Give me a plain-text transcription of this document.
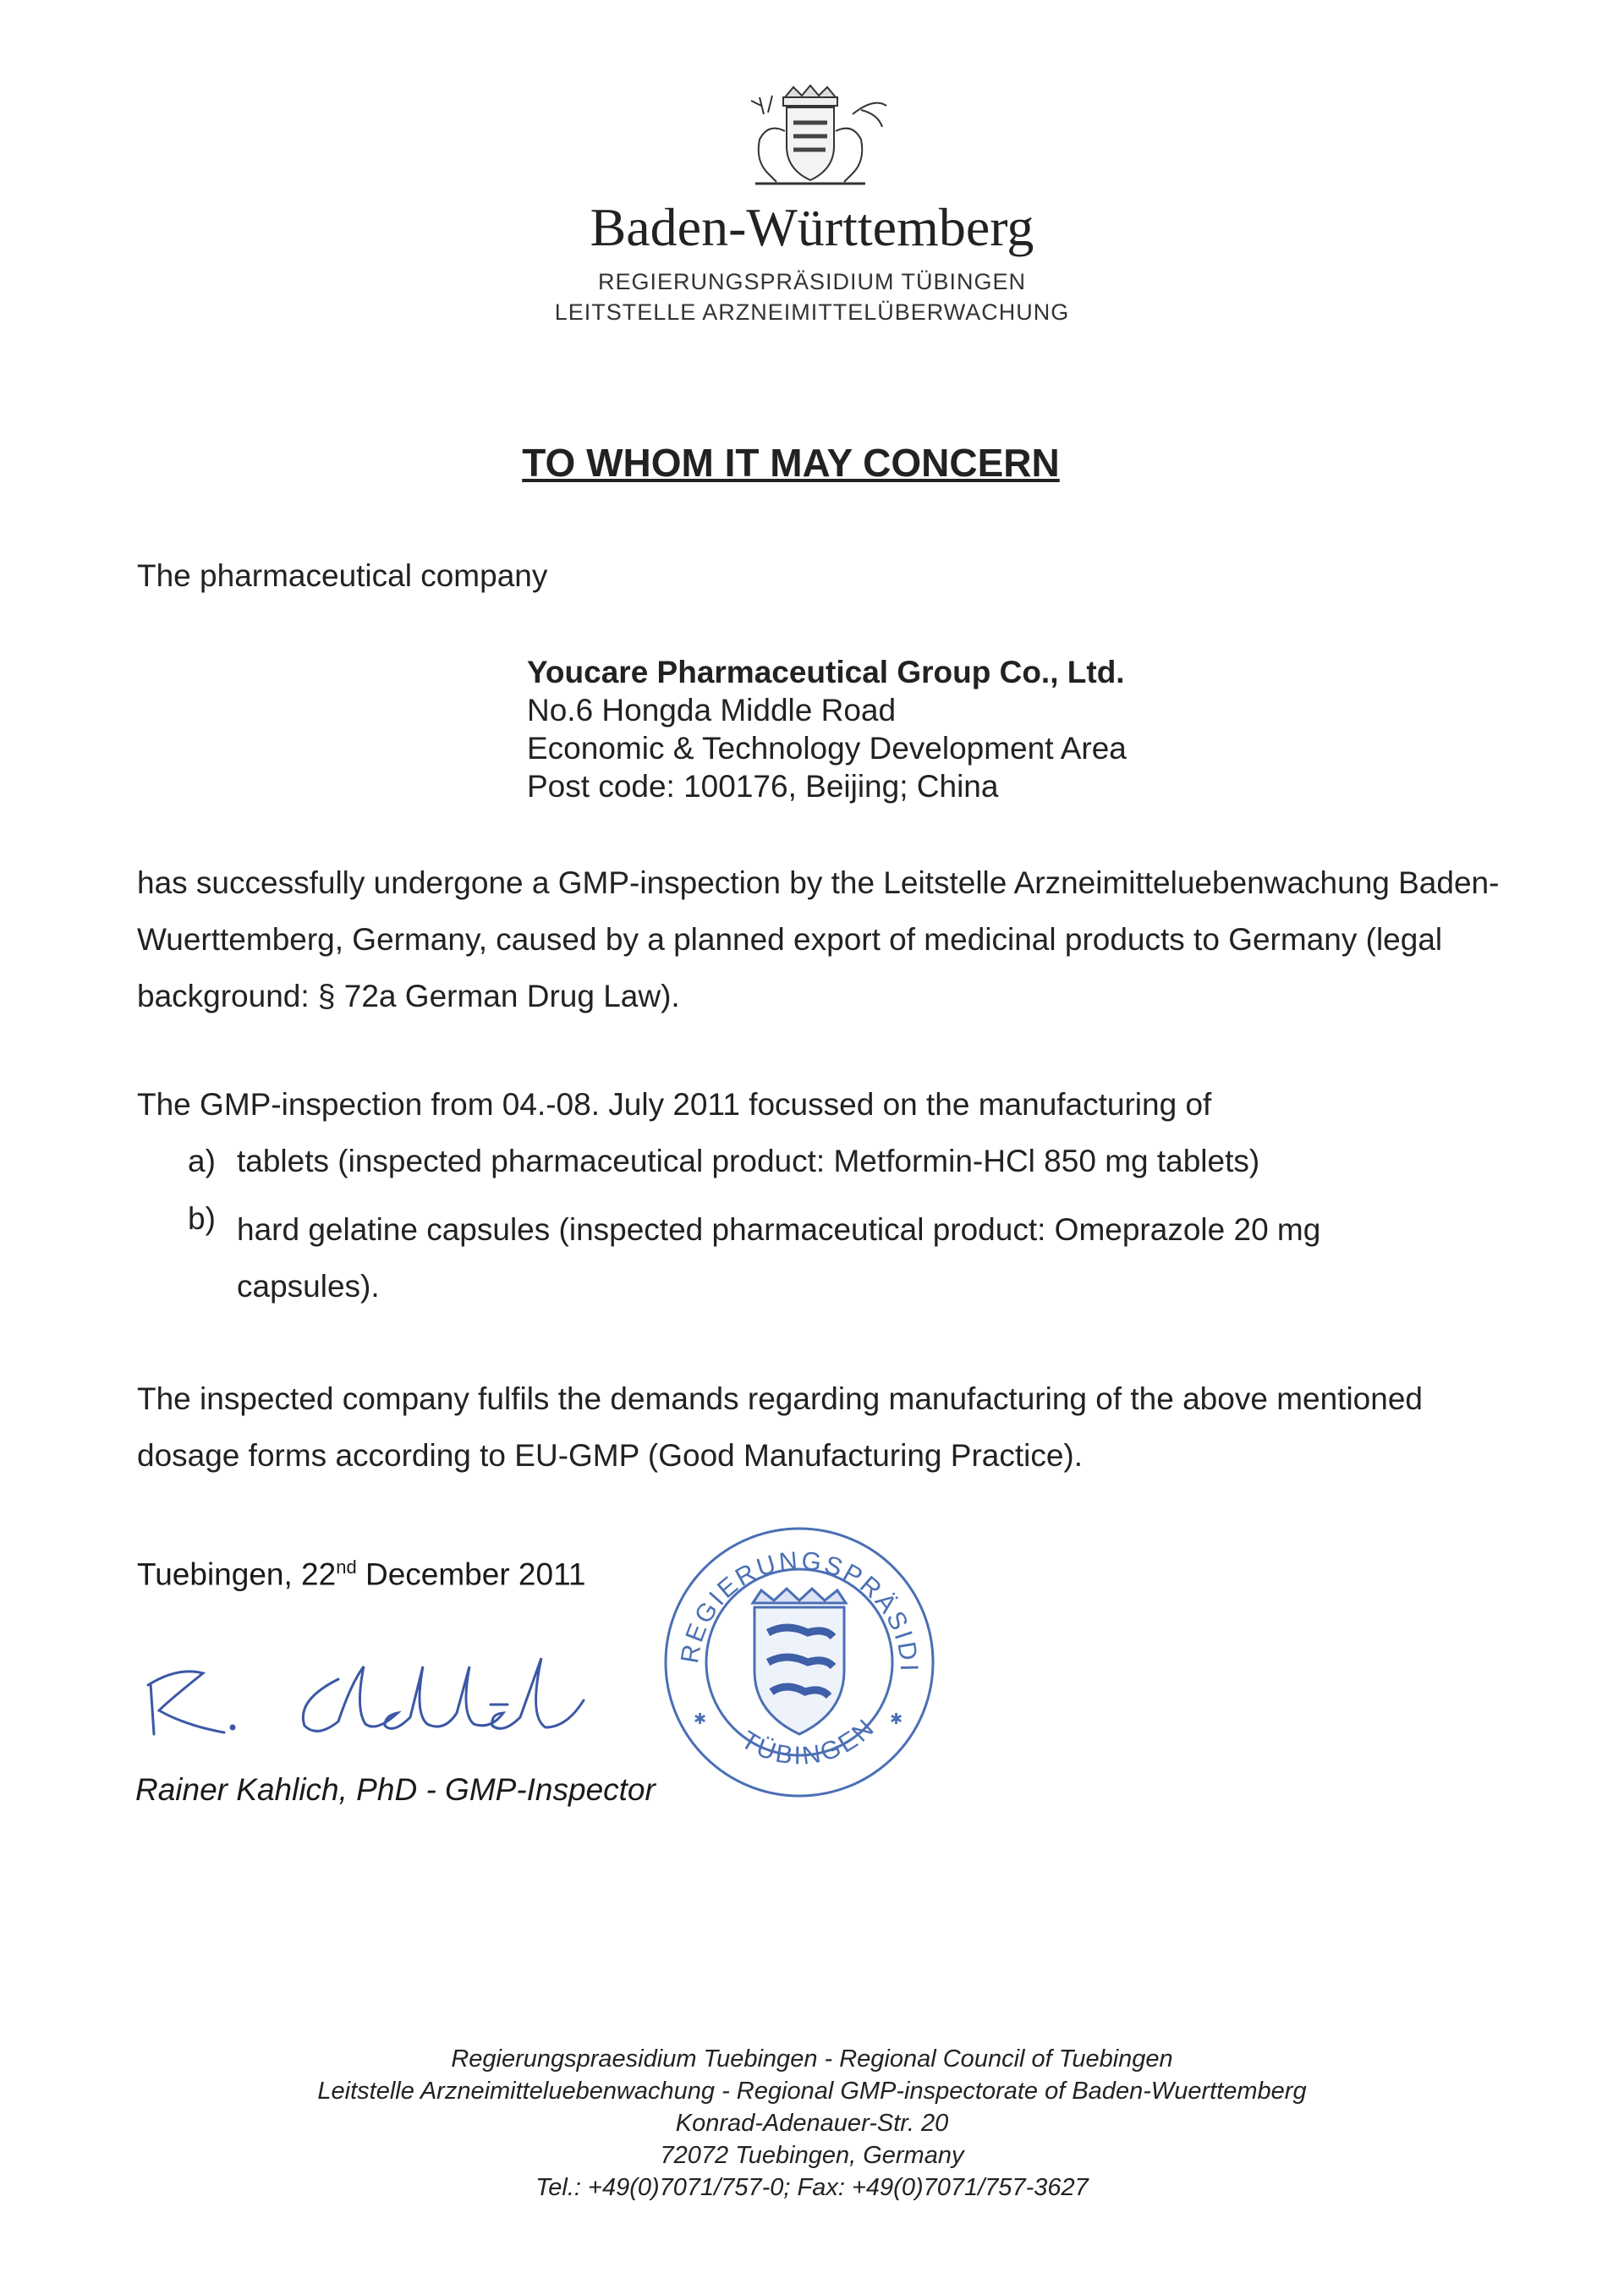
Baden-Württemberg
REGIERUNGSPRÄSIDIUM TÜBINGEN
LEITSTELLE ARZNEIMITTELÜBERWACHUNG
TO WHOM IT MAY CONCERN
The pharmaceutical company
Youcare Pharmaceutical Group Co., Ltd.
No.6 Hongda Middle Road
Economic & Technology Development Area
Post code: 100176, Beijing; China
has successfully undergone a GMP-inspection by the Leitstelle Arzneimitteluebenwachung Baden-Wuerttemberg, Germany, caused by a planned export of medicinal products to Germany (legal background: § 72a German Drug Law).
The GMP-inspection from 04.-08. July 2011 focussed on the manufacturing of
a) tablets (inspected pharmaceutical product: Metformin-HCl 850 mg tablets)
b) hard gelatine capsules (inspected pharmaceutical product: Omeprazole 20 mg capsules).
The inspected company fulfils the demands regarding manufacturing of the above mentioned dosage forms according to EU-GMP (Good Manufacturing Practice).
Tuebingen, 22nd December 2011
Rainer Kahlich, PhD - GMP-Inspector
REGIERUNGSPRÄSIDI
TÜBINGEN
✱	✱
Regierungspraesidium Tuebingen - Regional Council of Tuebingen
Leitstelle Arzneimitteluebenwachung - Regional GMP-inspectorate of Baden-Wuerttemberg
Konrad-Adenauer-Str. 20
72072 Tuebingen, Germany
Tel.: +49(0)7071/757-0; Fax: +49(0)7071/757-3627
